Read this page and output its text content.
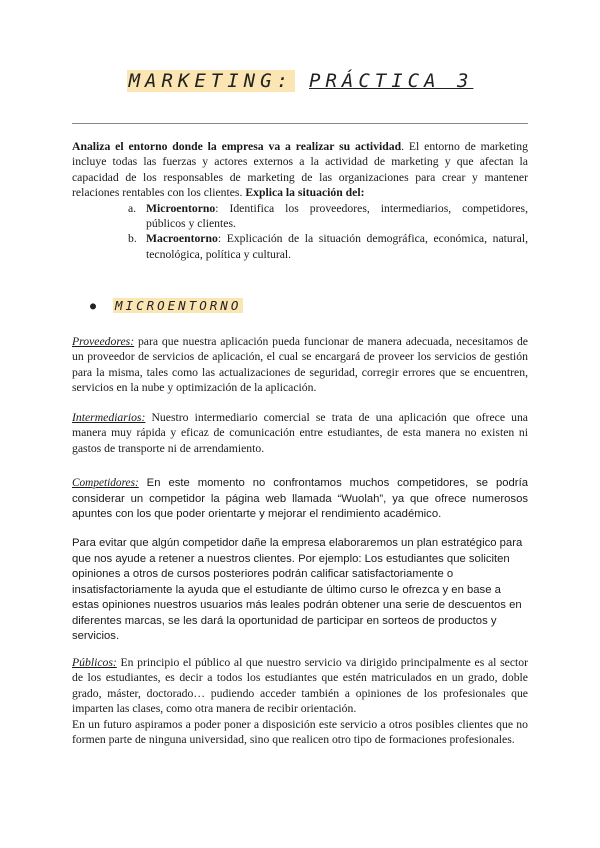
MARKETING: PRÁCTICA 3
Analiza el entorno donde la empresa va a realizar su actividad. El entorno de marketing incluye todas las fuerzas y actores externos a la actividad de marketing y que afectan la capacidad de los responsables de marketing de las organizaciones para crear y mantener relaciones rentables con los clientes. Explica la situación del:
a. Microentorno: Identifica los proveedores, intermediarios, competidores, públicos y clientes.
b. Macroentorno: Explicación de la situación demográfica, económica, natural, tecnológica, política y cultural.
● MICROENTORNO
Proveedores: para que nuestra aplicación pueda funcionar de manera adecuada, necesitamos de un proveedor de servicios de aplicación, el cual se encargará de proveer los servicios de gestión para la misma, tales como las actualizaciones de seguridad, corregir errores que se encuentren, servicios en la nube y optimización de la aplicación.
Intermediarios: Nuestro intermediario comercial se trata de una aplicación que ofrece una manera muy rápida y eficaz de comunicación entre estudiantes, de esta manera no existen ni gastos de transporte ni de arrendamiento.
Competidores: En este momento no confrontamos muchos competidores, se podría considerar un competidor la página web llamada “Wuolah”, ya que ofrece numerosos apuntes con los que poder orientarte y mejorar el rendimiento académico.
Para evitar que algún competidor dañe la empresa elaboraremos un plan estratégico para que nos ayude a retener a nuestros clientes. Por ejemplo: Los estudiantes que soliciten opiniones a otros de cursos posteriores podrán calificar satisfactoriamente o insatisfactoriamente la ayuda que el estudiante de último curso le ofrezca y en base a estas opiniones nuestros usuarios más leales podrán obtener una serie de descuentos en diferentes marcas, se les dará la oportunidad de participar en sorteos de productos y servicios.
Públicos: En principio el público al que nuestro servicio va dirigido principalmente es al sector de los estudiantes, es decir a todos los estudiantes que estén matriculados en un grado, doble grado, máster, doctorado… pudiendo acceder también a opiniones de los profesionales que imparten las clases, como otra manera de recibir orientación.
En un futuro aspiramos a poder poner a disposición este servicio a otros posibles clientes que no formen parte de ninguna universidad, sino que realicen otro tipo de formaciones profesionales.
